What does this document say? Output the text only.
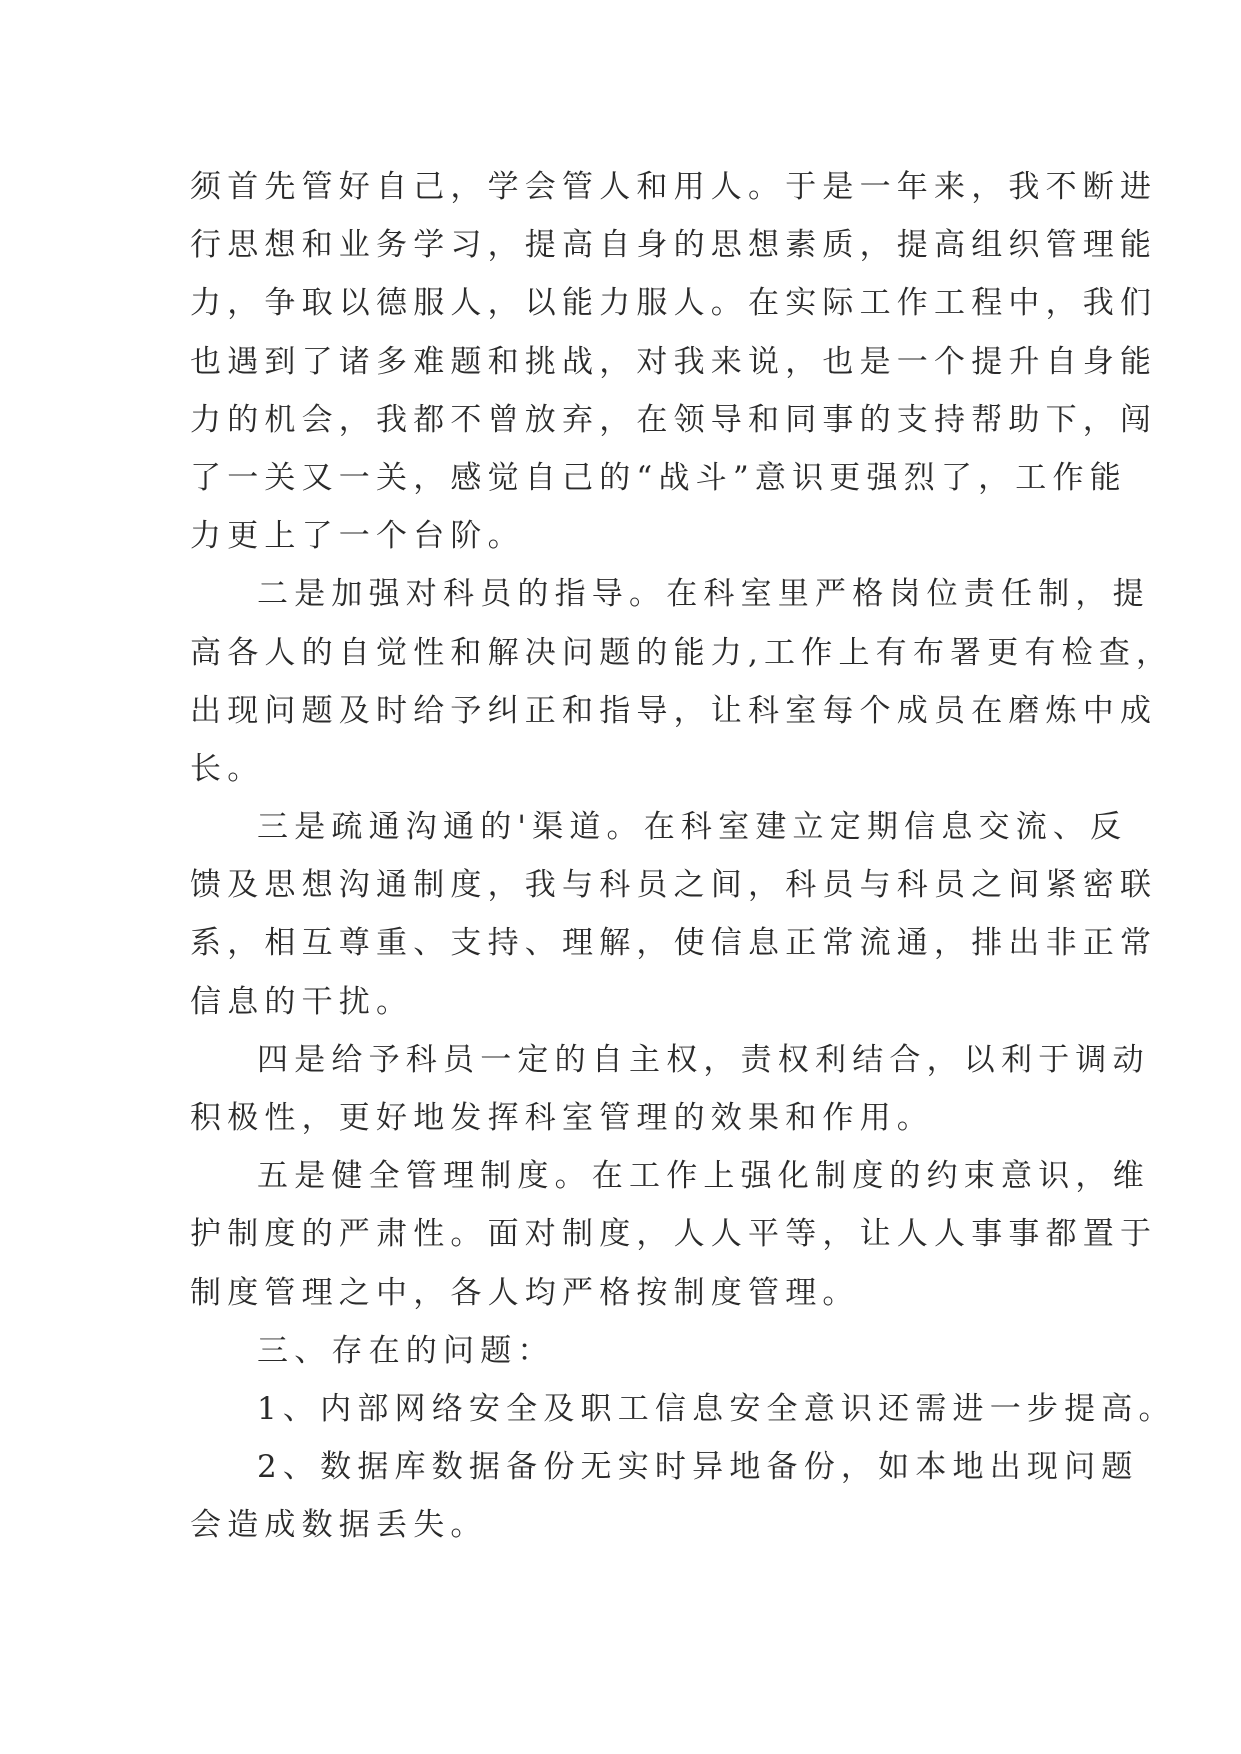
须首先管好自己，学会管人和用人。于是一年来，我不断进
行思想和业务学习，提高自身的思想素质，提高组织管理能
力，争取以德服人，以能力服人。在实际工作工程中，我们
也遇到了诸多难题和挑战，对我来说，也是一个提升自身能
力的机会，我都不曾放弃，在领导和同事的支持帮助下，闯
了一关又一关，感觉自己的“战斗”意识更强烈了，工作能
力更上了一个台阶。
二是加强对科员的指导。在科室里严格岗位责任制，提
高各人的自觉性和解决问题的能力,工作上有布署更有检查，
出现问题及时给予纠正和指导，让科室每个成员在磨炼中成
长。
三是疏通沟通的'渠道。在科室建立定期信息交流、反
馈及思想沟通制度，我与科员之间，科员与科员之间紧密联
系，相互尊重、支持、理解，使信息正常流通，排出非正常
信息的干扰。
四是给予科员一定的自主权，责权利结合，以利于调动
积极性，更好地发挥科室管理的效果和作用。
五是健全管理制度。在工作上强化制度的约束意识，维
护制度的严肃性。面对制度，人人平等，让人人事事都置于
制度管理之中，各人均严格按制度管理。
三、存在的问题：
1、内部网络安全及职工信息安全意识还需进一步提高。
2、数据库数据备份无实时异地备份，如本地出现问题
会造成数据丢失。
